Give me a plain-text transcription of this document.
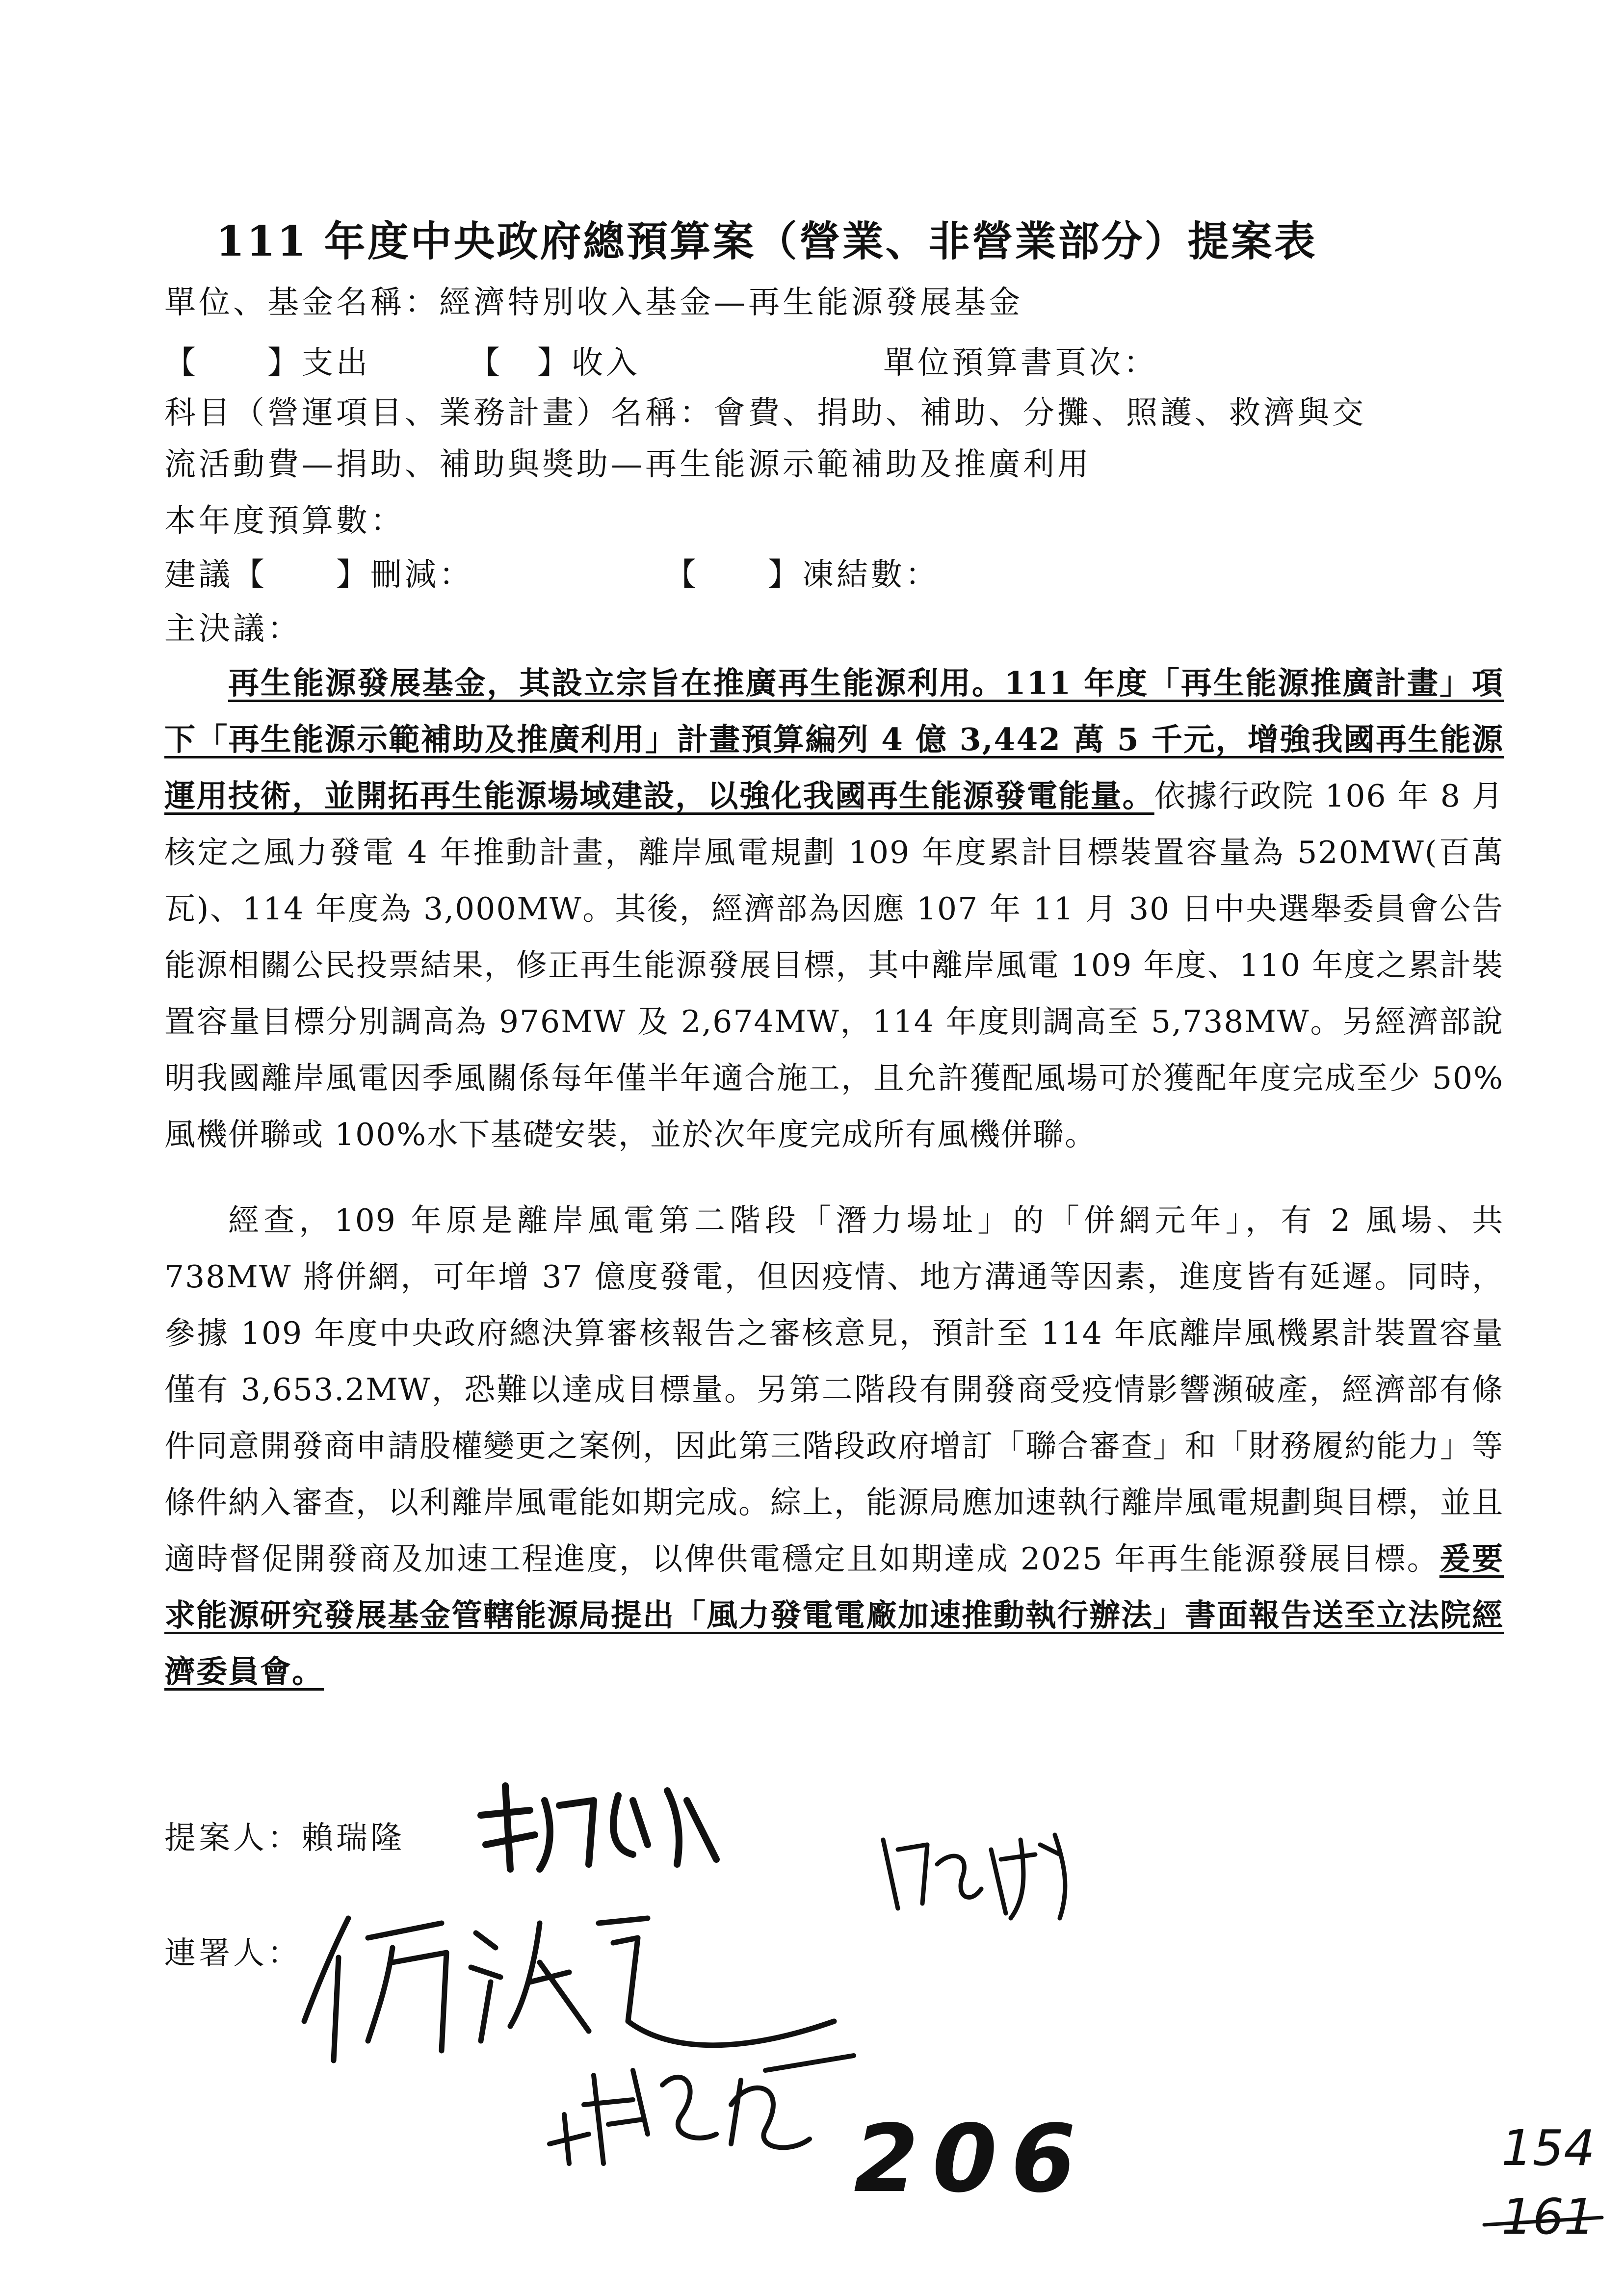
111 年度中央政府總預算案（營業、非營業部分）提案表
單位、基金名稱：經濟特別收入基金—再生能源發展基金
【　　】支出	【　】收入	單位預算書頁次：
科目（營運項目、業務計畫）名稱：會費、捐助、補助、分攤、照護、救濟與交
流活動費—捐助、補助與獎助—再生能源示範補助及推廣利用
本年度預算數：
建議【　　】刪減：	【　　】凍結數：
主決議：
再生能源發展基金，其設立宗旨在推廣再生能源利用。111 年度「再生能源推廣計畫」項下「再生能源示範補助及推廣利用」計畫預算編列 4 億 3,442 萬 5 千元，增強我國再生能源運用技術，並開拓再生能源場域建設，以強化我國再生能源發電能量。依據行政院 106 年 8 月核定之風力發電 4 年推動計畫，離岸風電規劃 109 年度累計目標裝置容量為 520MW(百萬瓦)、114 年度為 3,000MW。其後，經濟部為因應 107 年 11 月 30 日中央選舉委員會公告能源相關公民投票結果，修正再生能源發展目標，其中離岸風電 109 年度、110 年度之累計裝置容量目標分別調高為 976MW 及 2,674MW，114 年度則調高至 5,738MW。另經濟部說明我國離岸風電因季風關係每年僅半年適合施工，且允許獲配風場可於獲配年度完成至少 50%風機併聯或 100%水下基礎安裝，並於次年度完成所有風機併聯。
經查，109 年原是離岸風電第二階段「潛力場址」的「併網元年」，有 2 風場、共 738MW 將併網，可年增 37 億度發電，但因疫情、地方溝通等因素，進度皆有延遲。同時，參據 109 年度中央政府總決算審核報告之審核意見，預計至 114 年底離岸風機累計裝置容量僅有 3,653.2MW，恐難以達成目標量。另第二階段有開發商受疫情影響瀕破產，經濟部有條件同意開發商申請股權變更之案例，因此第三階段政府增訂「聯合審查」和「財務履約能力」等條件納入審查，以利離岸風電能如期完成。綜上，能源局應加速執行離岸風電規劃與目標，並且適時督促開發商及加速工程進度，以俾供電穩定且如期達成 2025 年再生能源發展目標。爰要求能源研究發展基金管轄能源局提出「風力發電電廠加速推動執行辦法」書面報告送至立法院經濟委員會。
提案人：賴瑞隆
連署人：
206	154
161
